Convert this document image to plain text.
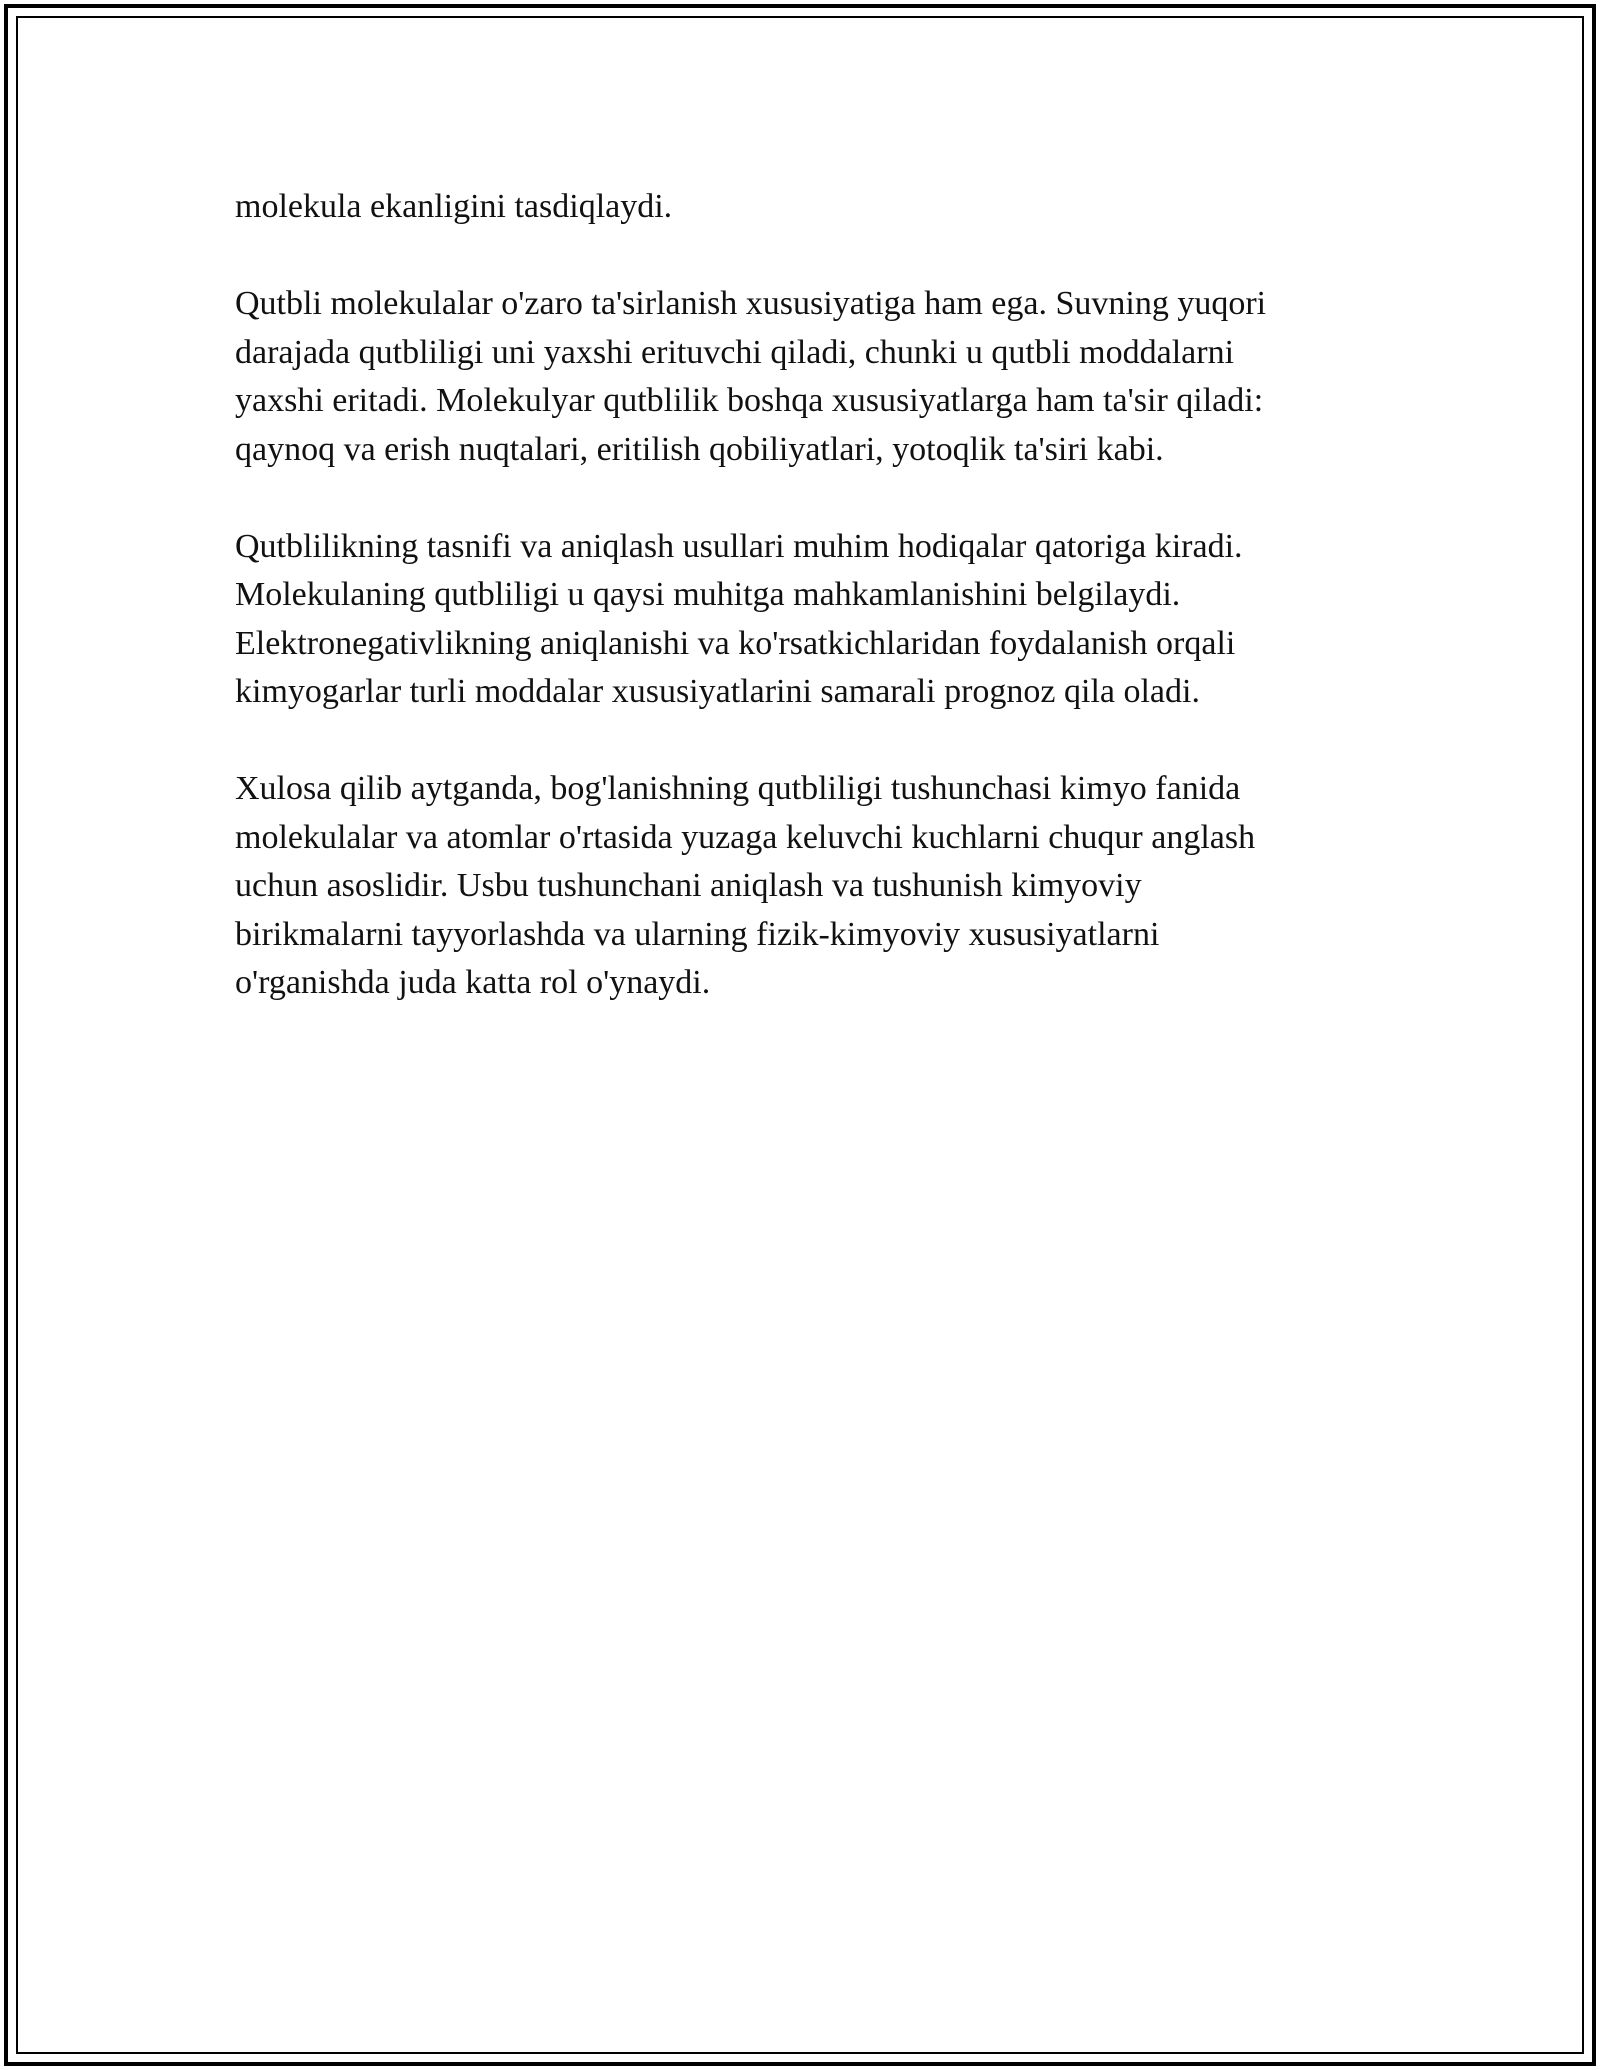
molekula ekanligini tasdiqlaydi.

Qutbli molekulalar o'zaro ta'sirlanish xususiyatiga ham ega. Suvning yuqori
darajada qutbliligi uni yaxshi erituvchi qiladi, chunki u qutbli moddalarni
yaxshi eritadi. Molekulyar qutblilik boshqa xususiyatlarga ham ta'sir qiladi:
qaynoq va erish nuqtalari, eritilish qobiliyatlari, yotoqlik ta'siri kabi.

Qutblilikning tasnifi va aniqlash usullari muhim hodiqalar qatoriga kiradi.
Molekulaning qutbliligi u qaysi muhitga mahkamlanishini belgilaydi.
Elektronegativlikning aniqlanishi va ko'rsatkichlaridan foydalanish orqali
kimyogarlar turli moddalar xususiyatlarini samarali prognoz qila oladi.

Xulosa qilib aytganda, bog'lanishning qutbliligi tushunchasi kimyo fanida
molekulalar va atomlar o'rtasida yuzaga keluvchi kuchlarni chuqur anglash
uchun asoslidir. Usbu tushunchani aniqlash va tushunish kimyoviy
birikmalarni tayyorlashda va ularning fizik-kimyoviy xususiyatlarni
o'rganishda juda katta rol o'ynaydi.
